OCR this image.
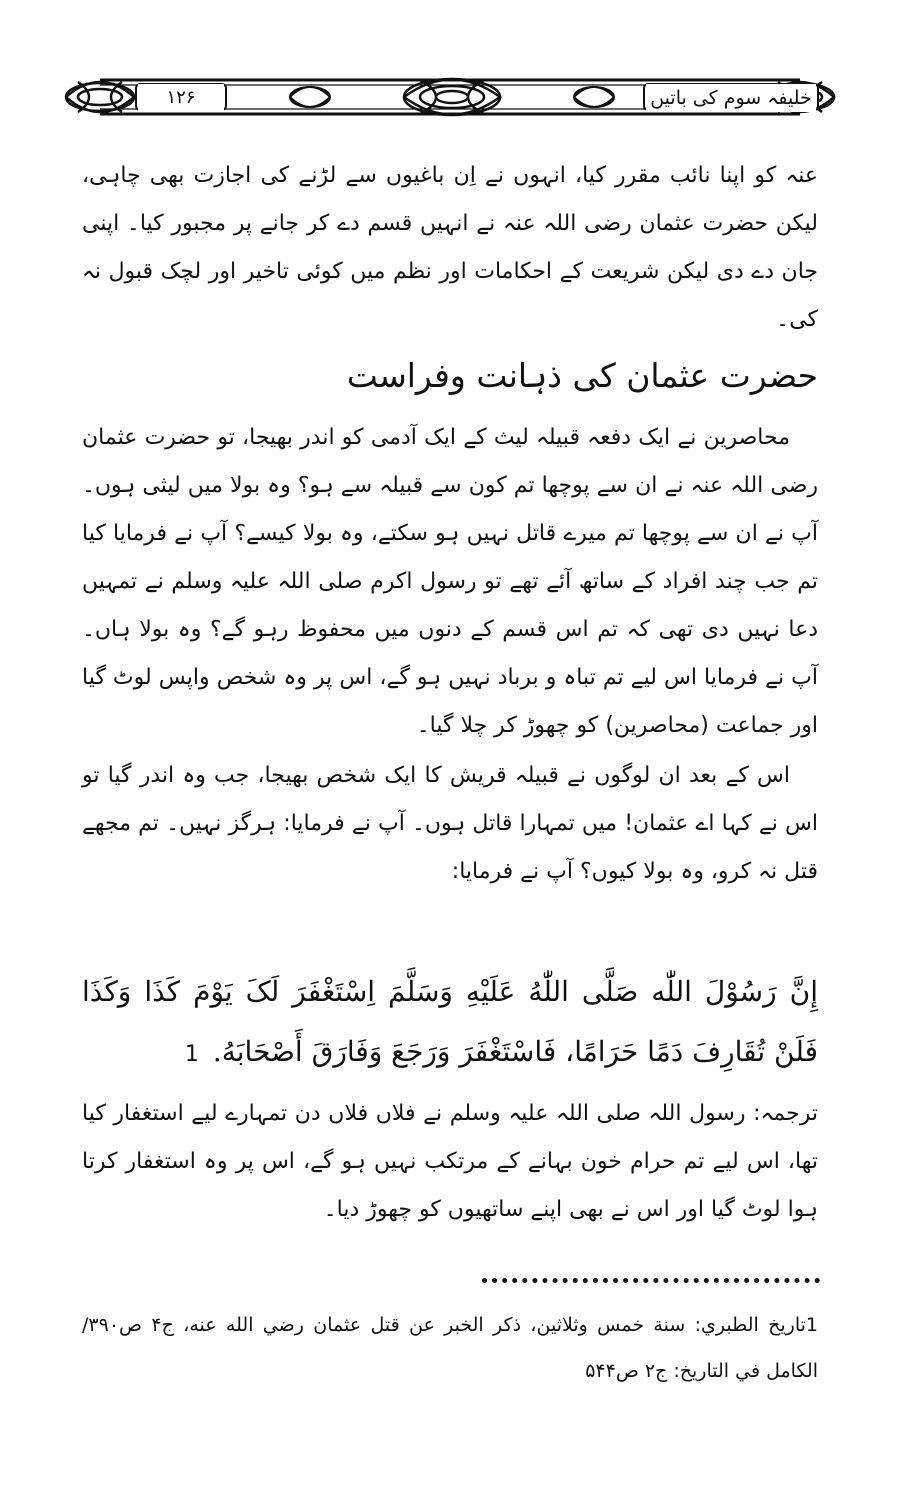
خلیفہ سوم کی باتیں
۱۲۶

عنہ کو اپنا نائب مقرر کیا، انہوں نے اِن باغیوں سے لڑنے کی اجازت بھی چاہی، لیکن حضرت عثمان رضی اللہ عنہ نے انہیں قسم دے کر جانے پر مجبور کیا۔ اپنی جان دے دی لیکن شریعت کے احکامات اور نظم میں کوئی تاخیر اور لچک قبول نہ کی۔

حضرت عثمان کی ذہانت وفراست

محاصرین نے ایک دفعہ قبیلہ لیث کے ایک آدمی کو اندر بھیجا، تو حضرت عثمان رضی اللہ عنہ نے ان سے پوچھا تم کون سے قبیلہ سے ہو؟ وہ بولا میں لیثی ہوں۔ آپ نے ان سے پوچھا تم میرے قاتل نہیں ہو سکتے، وہ بولا کیسے؟ آپ نے فرمایا کیا تم جب چند افراد کے ساتھ آئے تھے تو رسول اکرم صلی اللہ علیہ وسلم نے تمہیں دعا نہیں دی تھی کہ تم اس قسم کے دنوں میں محفوظ رہو گے؟ وہ بولا ہاں۔ آپ نے فرمایا اس لیے تم تباہ و برباد نہیں ہو گے، اس پر وہ شخص واپس لوٹ گیا اور جماعت (محاصرین) کو چھوڑ کر چلا گیا۔

اس کے بعد ان لوگوں نے قبیلہ قریش کا ایک شخص بھیجا، جب وہ اندر گیا تو اس نے کہا اے عثمان! میں تمہارا قاتل ہوں۔ آپ نے فرمایا: ہرگز نہیں۔ تم مجھے قتل نہ کرو، وہ بولا کیوں؟ آپ نے فرمایا:

إِنَّ رَسُوْلَ اللّٰه صَلَّى اللّٰهُ عَلَيْهِ وَسَلَّمَ اِسْتَغْفَرَ لَکَ يَوْمَ كَذَا وَكَذَا فَلَنْ تُقَارِفَ دَمًا حَرَامًا، فَاسْتَغْفَرَ وَرَجَعَ وَفَارَقَ أَصْحَابَهُ.1

ترجمہ: رسول اللہ صلی اللہ علیہ وسلم نے فلاں فلاں دن تمہارے لیے استغفار کیا تھا، اس لیے تم حرام خون بہانے کے مرتکب نہیں ہو گے، اس پر وہ استغفار کرتا ہوا لوٹ گیا اور اس نے بھی اپنے ساتھیوں کو چھوڑ دیا۔

1تاريخ الطبري: سنة خمس وثلاثين، ذكر الخبر عن قتل عثمان رضي الله عنه، ج۴ ص۳۹۰/ الكامل في التاريخ: ج۲ ص۵۴۴
